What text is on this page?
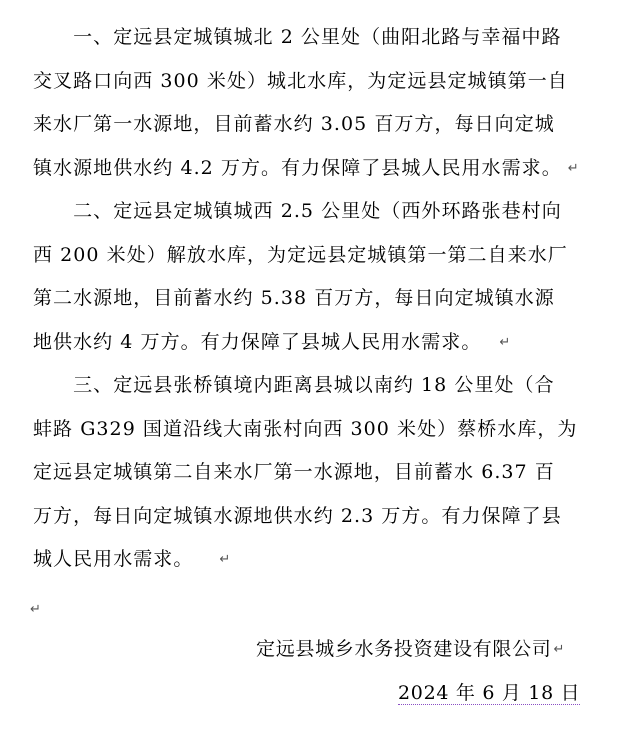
　　一、定远县定城镇城北 2 公里处（曲阳北路与幸福中路
交叉路口向西 300 米处）城北水库，为定远县定城镇第一自
来水厂第一水源地，目前蓄水约 3.05 百万方，每日向定城
镇水源地供水约 4.2 万方。有力保障了县城人民用水需求。 ↵
　　二、定远县定城镇城西 2.5 公里处（西外环路张巷村向
西 200 米处）解放水库，为定远县定城镇第一第二自来水厂
第二水源地，目前蓄水约 5.38 百万方，每日向定城镇水源
地供水约 4 万方。有力保障了县城人民用水需求。 ↵
　　三、定远县张桥镇境内距离县城以南约 18 公里处（合
蚌路 G329 国道沿线大南张村向西 300 米处）蔡桥水库，为
定远县定城镇第二自来水厂第一水源地，目前蓄水 6.37 百
万方，每日向定城镇水源地供水约 2.3 万方。有力保障了县
城人民用水需求。 ↵
↵
定远县城乡水务投资建设有限公司 ↵
2024 年 6 月 18 日
